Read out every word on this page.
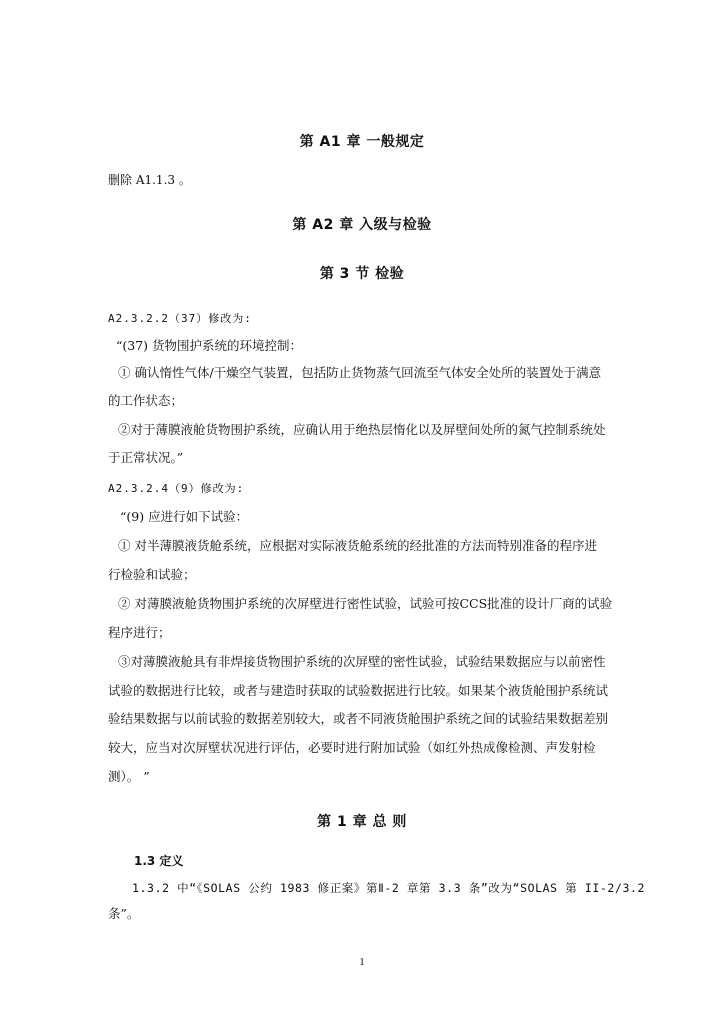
第 A1 章 一般规定
删除 A1.1.3 。
第 A2 章 入级与检验
第 3 节 检验
A2.3.2.2（37）修改为:
“(37) 货物围护系统的环境控制：
① 确认惰性气体/干燥空气装置，包括防止货物蒸气回流至气体安全处所的装置处于满意
的工作状态；
②对于薄膜液舱货物围护系统，应确认用于绝热层惰化以及屏壁间处所的氮气控制系统处
于正常状况。”
A2.3.2.4（9）修改为:
“(9) 应进行如下试验：
① 对半薄膜液货舱系统，应根据对实际液货舱系统的经批准的方法而特别准备的程序进
行检验和试验；
② 对薄膜液舱货物围护系统的次屏壁进行密性试验，试验可按CCS批准的设计厂商的试验
程序进行；
③对薄膜液舱具有非焊接货物围护系统的次屏壁的密性试验，试验结果数据应与以前密性
试验的数据进行比较，或者与建造时获取的试验数据进行比较。如果某个液货舱围护系统试
验结果数据与以前试验的数据差别较大，或者不同液货舱围护系统之间的试验结果数据差别
较大，应当对次屏壁状况进行评估，必要时进行附加试验（如红外热成像检测、声发射检
测）。 ”
第 1 章 总 则
1.3 定义
1.3.2 中“《SOLAS 公约 1983 修正案》第Ⅱ-2 章第 3.3 条”改为“SOLAS 第 II-2/3.2
条”。
1
